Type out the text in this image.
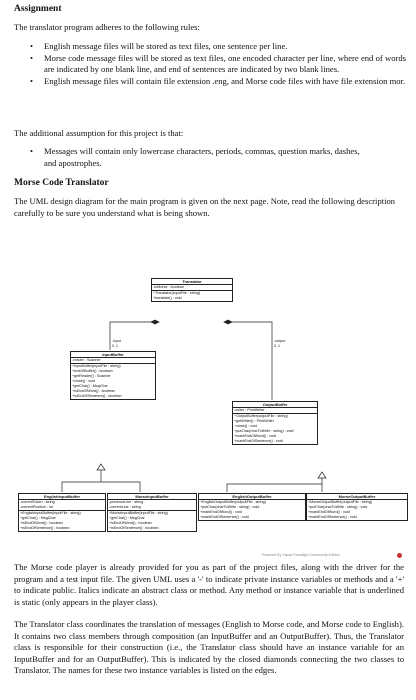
Assignment
The translator program adheres to the following rules:
• English message files will be stored as text files, one sentence per line.
• Morse code message files will be stored as text files, one encoded character per line, where end of words are indicated by one blank line, and end of sentences are indicated by two blank lines.
• English message files will contain file extension .eng, and Morse code files with have file extension mor.
The additional assumption for this project is that:
• Messages will contain only lowercase characters, periods, commas, question marks, dashes, and apostrophes.
Morse Code Translator
The UML design diagram for the main program is given on the next page. Note, read the following description carefully to be sure you understand what is being shown.
-input
0..1
-output
0..1
Translator
-toMorse : boolean
+Translator(inputFile : string)
+translate() : void
InputBuffer
-reader : Scanner
+InputBuffer(inputFile : string)
+endOfBuffer() : boolean
+getReader() : Scanner
+close() : void
+getChar() : MsgChar
+isEndOfWord() : boolean
+isEndOfSentence() : boolean
OutputBuffer
-writer : PrintWriter
~OutputBuffer(outputFile : string)
+getWriter() : PrintWriter
~close() : void
+putChar(charToWrite : string) : void
+markEndOfWord() : void
+markEndOfSentence() : void
EnglishInputBuffer
-currentToken : string
-currentPosition : int
+EnglishInputBuffer(inputFile : string)
+getChar() : MsgChar
+isEndOfWord() : boolean
+isEndOfSentence() : boolean
MorseInputBuffer
-previousLine : string
-currentLine : string
+MorseInputBuffer(inputFile : string)
+getChar() : MsgChar
+isEndOfWord() : boolean
+isEndOfSentence() : boolean
EnglishOutputBuffer
+EnglishOutputBuffer(outputFile : string)
+putChar(charToWrite : string) : void
+markEndOfWord() : void
+markEndOfSentence() : void
MorseOutputBuffer
+MorseOutputBuffer(outputFile : string)
+putChar(charToWrite : string) : void
+markEndOfWord() : void
+markEndOfSentence() : void
Powered By Visual Paradigm Community Edition
The Morse code player is already provided for you as part of the project files, along with the driver for the program and a test input file. The given UML uses a '-' to indicate private instance variables or methods and a '+' to indicate public. Italics indicate an abstract class or method. Any method or instance variable that is underlined is static (only appears in the player class).
The Translator class coordinates the translation of messages (English to Morse code, and Morse code to English). It contains two class members through composition (an InputBuffer and an OutputBuffer). Thus, the Translator class is responsible for their construction (i.e., the Translator class should have an instance variable for an InputBuffer and for an OutputBuffer). This is indicated by the closed diamonds connecting the two classes to Translator. The names for these two instance variables is listed on the edges.
